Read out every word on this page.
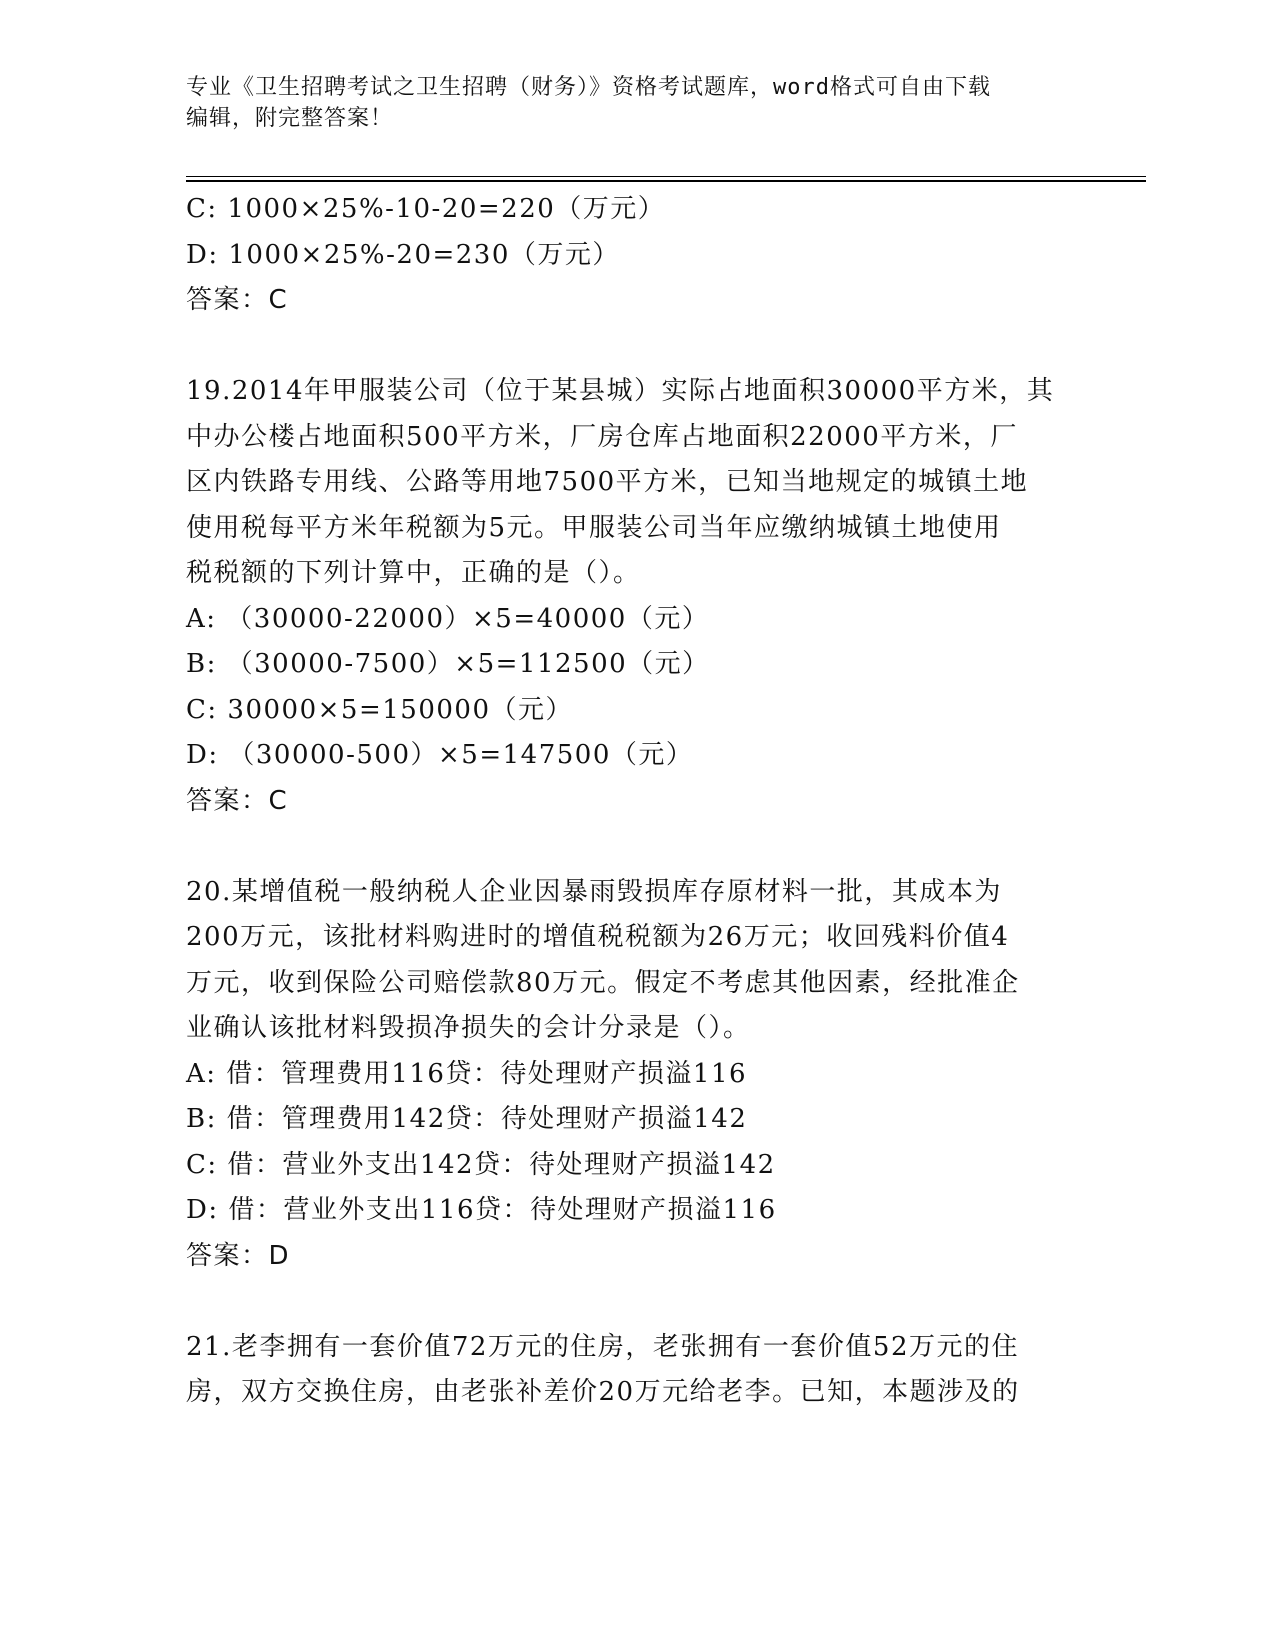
专业《卫生招聘考试之卫生招聘（财务）》资格考试题库，word格式可自由下载
编辑，附完整答案！
C: 1000×25%-10-20=220（万元）
D: 1000×25%-20=230（万元）
答案：C
19.2014年甲服装公司（位于某县城）实际占地面积30000平方米，其
中办公楼占地面积500平方米，厂房仓库占地面积22000平方米，厂
区内铁路专用线、公路等用地7500平方米，已知当地规定的城镇土地
使用税每平方米年税额为5元。甲服装公司当年应缴纳城镇土地使用
税税额的下列计算中，正确的是（）。
A: （30000-22000）×5=40000（元）
B: （30000-7500）×5=112500（元）
C: 30000×5=150000（元）
D: （30000-500）×5=147500（元）
答案：C
20.某增值税一般纳税人企业因暴雨毁损库存原材料一批，其成本为
200万元，该批材料购进时的增值税税额为26万元；收回残料价值4
万元，收到保险公司赔偿款80万元。假定不考虑其他因素，经批准企
业确认该批材料毁损净损失的会计分录是（）。
A: 借：管理费用116贷：待处理财产损溢116
B: 借：管理费用142贷：待处理财产损溢142
C: 借：营业外支出142贷：待处理财产损溢142
D: 借：营业外支出116贷：待处理财产损溢116
答案：D
21.老李拥有一套价值72万元的住房，老张拥有一套价值52万元的住
房，双方交换住房，由老张补差价20万元给老李。已知，本题涉及的
